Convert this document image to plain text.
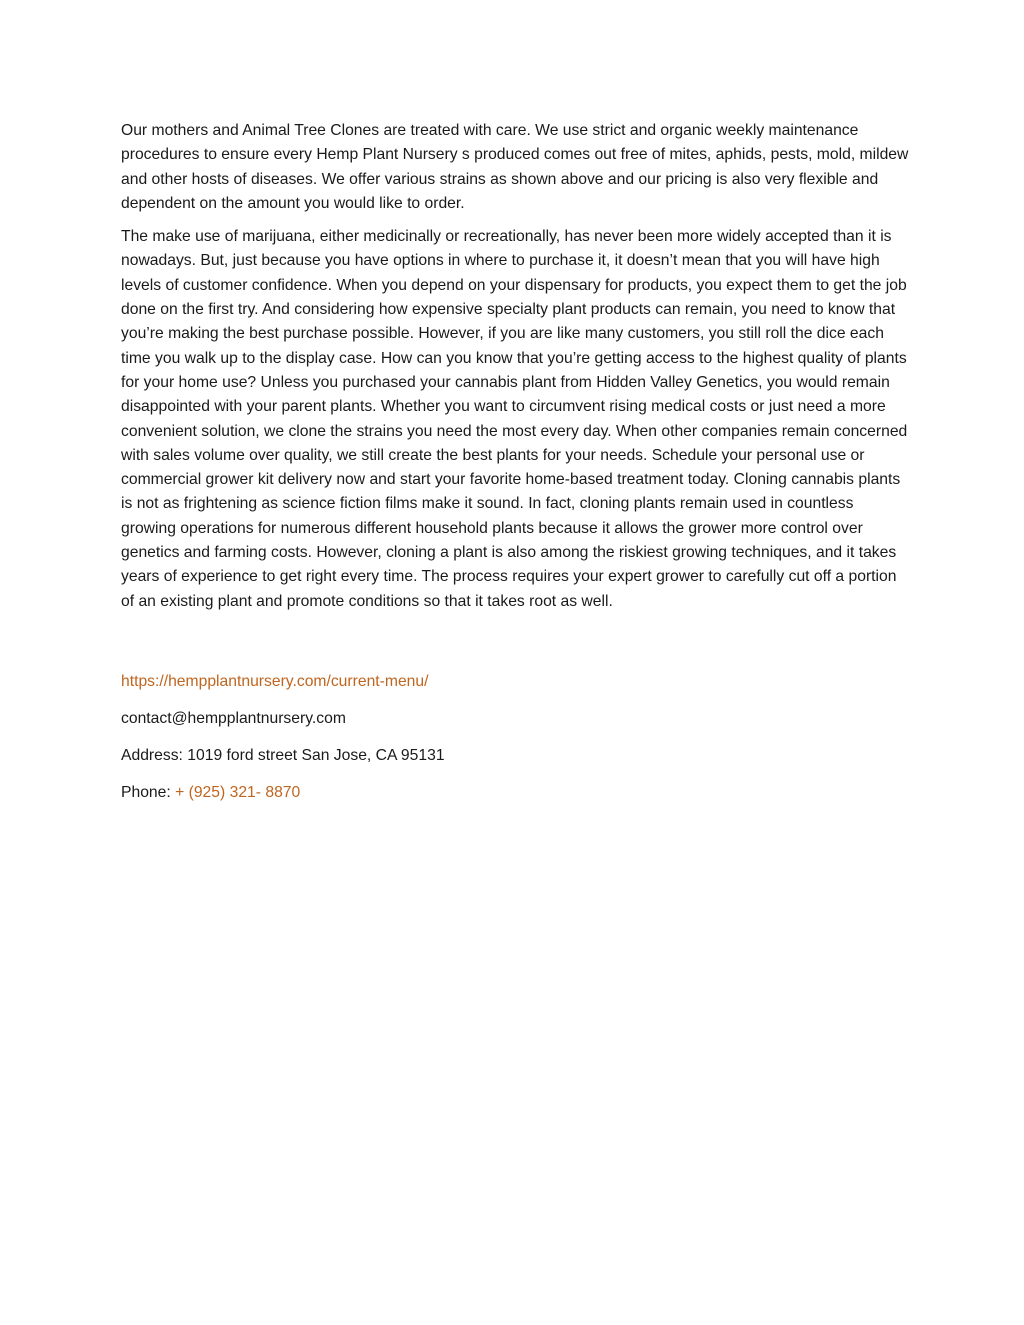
Our mothers and Animal Tree Clones are treated with care. We use strict and organic weekly maintenance procedures to ensure every Hemp Plant Nursery s produced comes out free of mites, aphids, pests, mold, mildew and other hosts of diseases. We offer various strains as shown above and our pricing is also very flexible and dependent on the amount you would like to order.

The make use of marijuana, either medicinally or recreationally, has never been more widely accepted than it is nowadays. But, just because you have options in where to purchase it, it doesn’t mean that you will have high levels of customer confidence. When you depend on your dispensary for products, you expect them to get the job done on the first try. And considering how expensive specialty plant products can remain, you need to know that you’re making the best purchase possible. However, if you are like many customers, you still roll the dice each time you walk up to the display case. How can you know that you’re getting access to the highest quality of plants for your home use? Unless you purchased your cannabis plant from Hidden Valley Genetics, you would remain disappointed with your parent plants. Whether you want to circumvent rising medical costs or just need a more convenient solution, we clone the strains you need the most every day. When other companies remain concerned with sales volume over quality, we still create the best plants for your needs. Schedule your personal use or commercial grower kit delivery now and start your favorite home-based treatment today. Cloning cannabis plants is not as frightening as science fiction films make it sound. In fact, cloning plants remain used in countless growing operations for numerous different household plants because it allows the grower more control over genetics and farming costs. However, cloning a plant is also among the riskiest growing techniques, and it takes years of experience to get right every time. The process requires your expert grower to carefully cut off a portion of an existing plant and promote conditions so that it takes root as well.

https://hempplantnursery.com/current-menu/

contact@hempplantnursery.com

Address: 1019 ford street San Jose, CA 95131

Phone: + (925) 321- 8870
